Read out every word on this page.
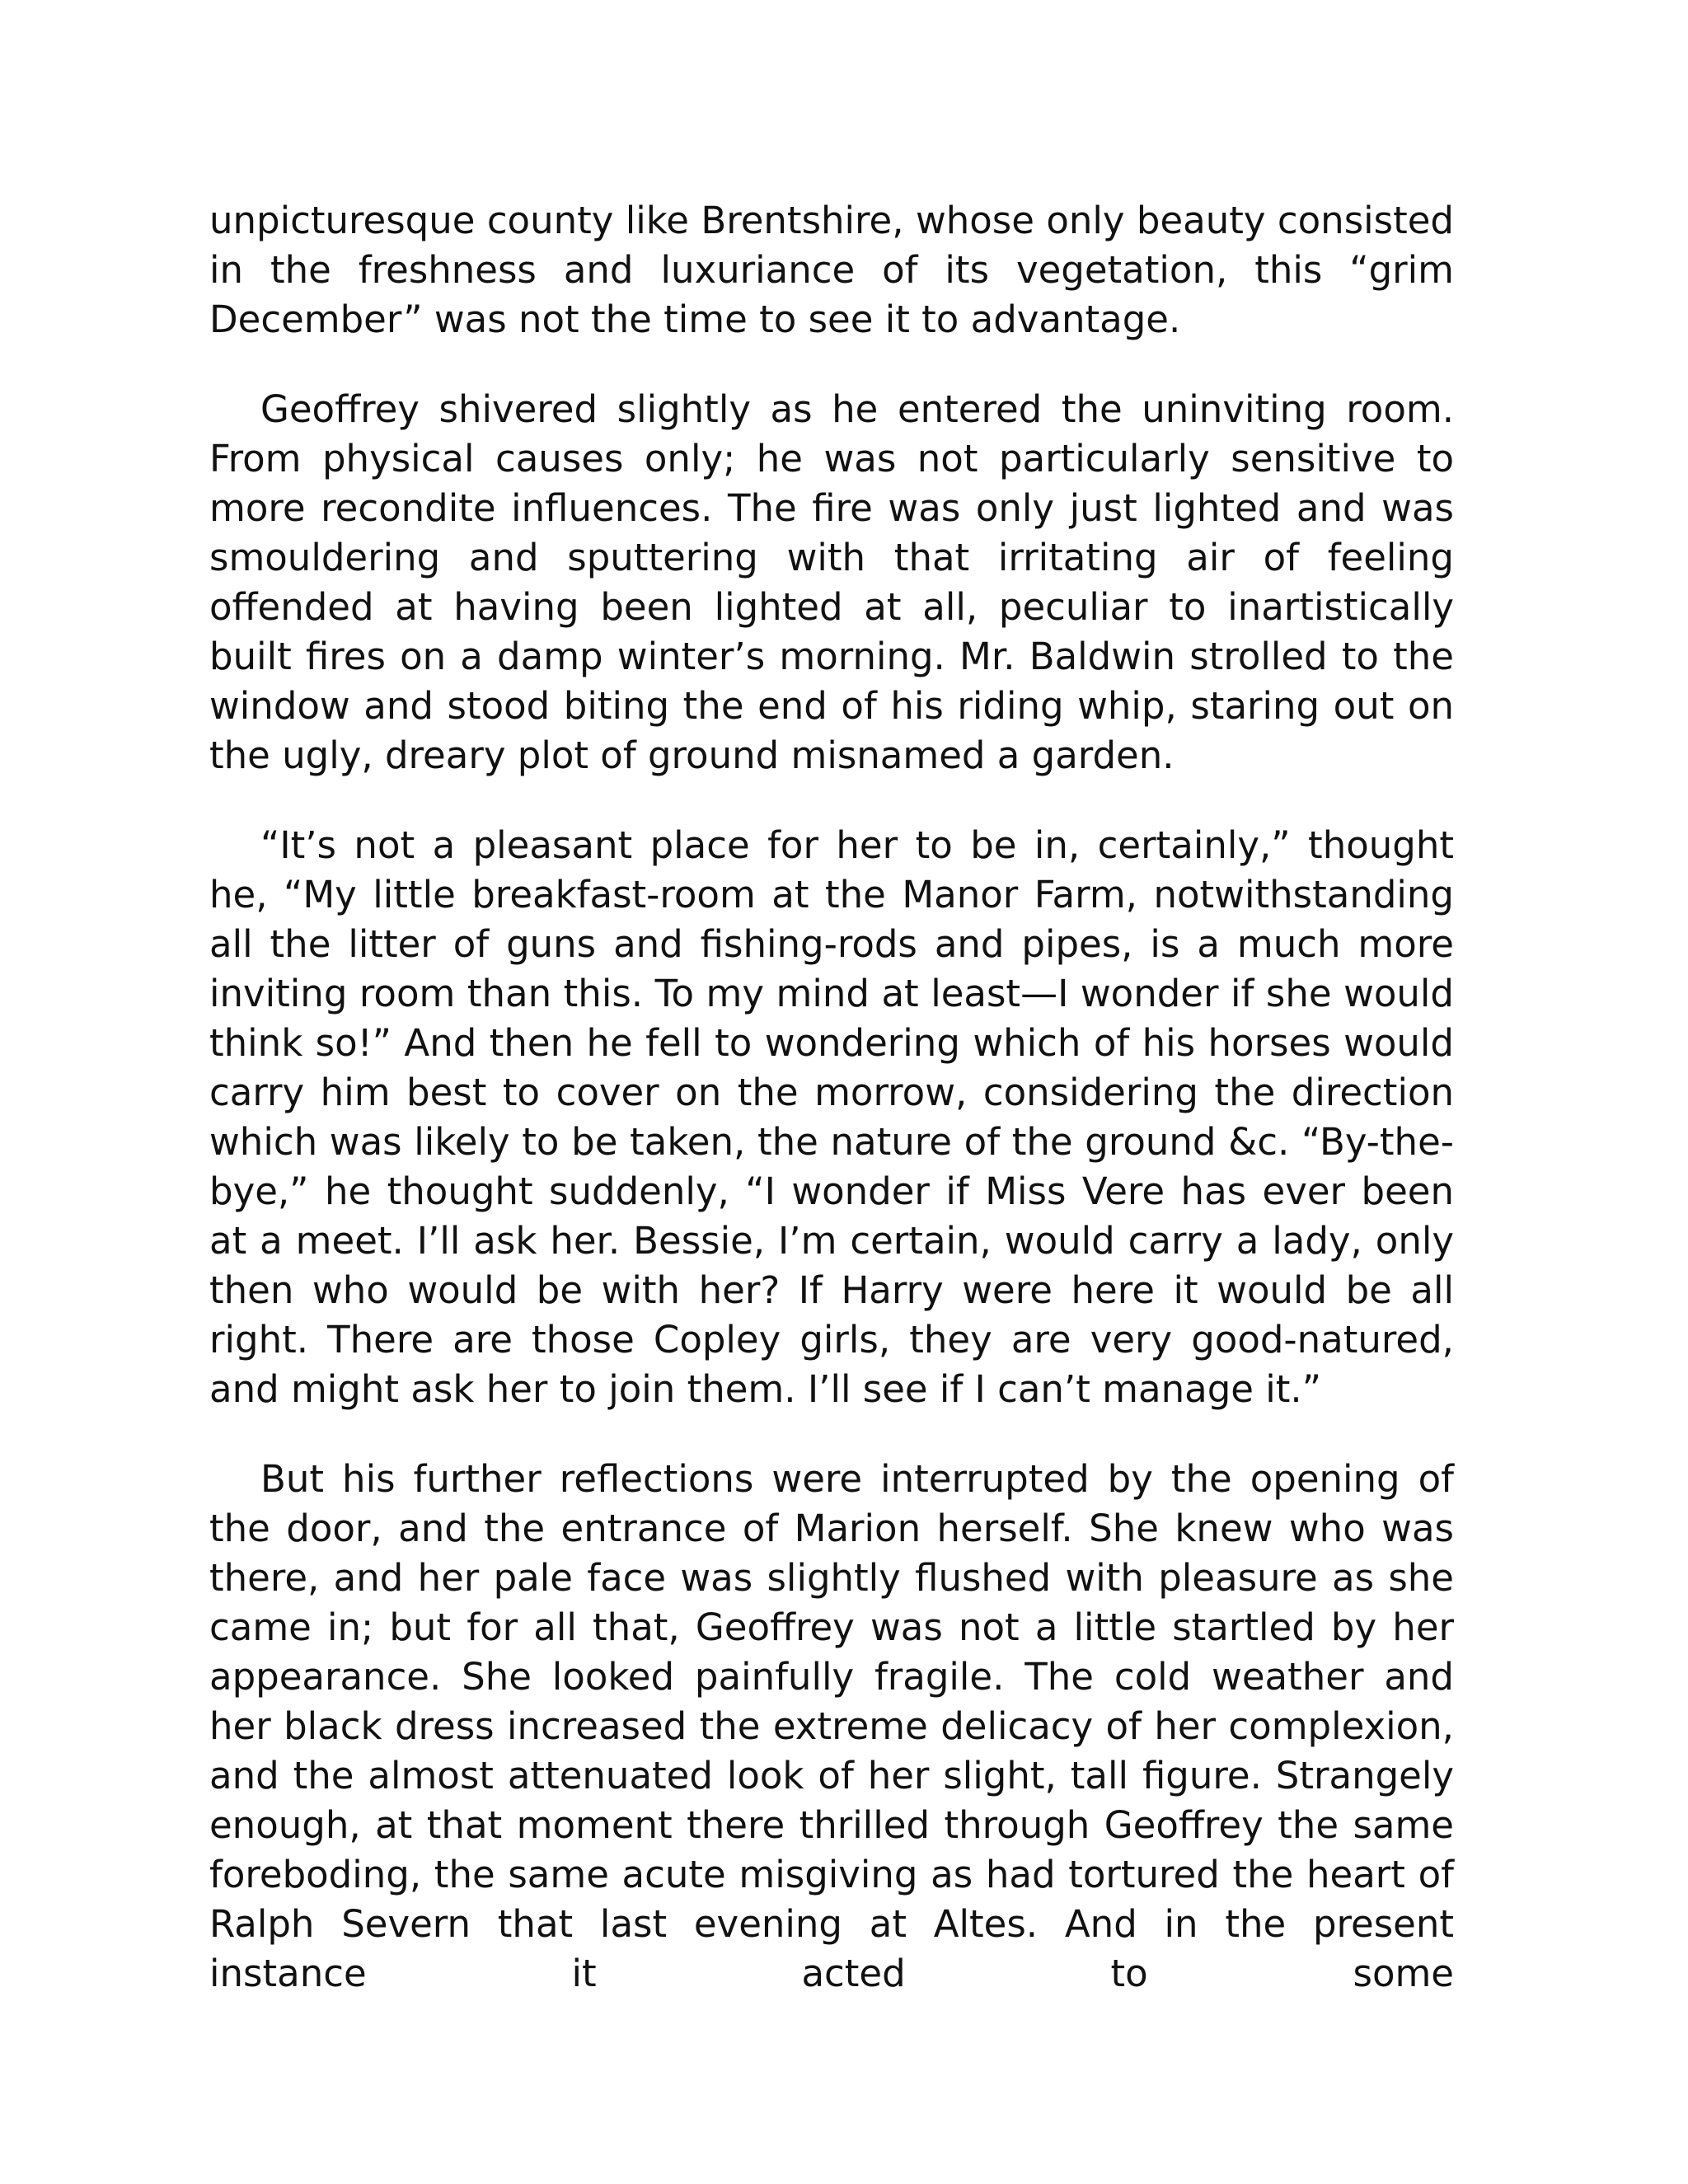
unpicturesque county like Brentshire, whose only beauty consisted in the freshness and luxuriance of its vegetation, this “grim December” was not the time to see it to advantage.

Geoffrey shivered slightly as he entered the uninviting room. From physical causes only; he was not particularly sensitive to more recondite influences. The fire was only just lighted and was smouldering and sputtering with that irritating air of feeling offended at having been lighted at all, peculiar to inartistically built fires on a damp winter’s morning. Mr. Baldwin strolled to the window and stood biting the end of his riding whip, staring out on the ugly, dreary plot of ground misnamed a garden.

“It’s not a pleasant place for her to be in, certainly,” thought he, “My little breakfast-room at the Manor Farm, notwithstanding all the litter of guns and fishing-rods and pipes, is a much more inviting room than this. To my mind at least—I wonder if she would think so!” And then he fell to wondering which of his horses would carry him best to cover on the morrow, considering the direction which was likely to be taken, the nature of the ground &c. “By-the-bye,” he thought suddenly, “I wonder if Miss Vere has ever been at a meet. I’ll ask her. Bessie, I’m certain, would carry a lady, only then who would be with her? If Harry were here it would be all right. There are those Copley girls, they are very good-natured, and might ask her to join them. I’ll see if I can’t manage it.”

But his further reflections were interrupted by the opening of the door, and the entrance of Marion herself. She knew who was there, and her pale face was slightly flushed with pleasure as she came in; but for all that, Geoffrey was not a little startled by her appearance. She looked painfully fragile. The cold weather and her black dress increased the extreme delicacy of her complexion, and the almost attenuated look of her slight, tall figure. Strangely enough, at that moment there thrilled through Geoffrey the same foreboding, the same acute misgiving as had tortured the heart of Ralph Severn that last evening at Altes. And in the present instance it acted to some
